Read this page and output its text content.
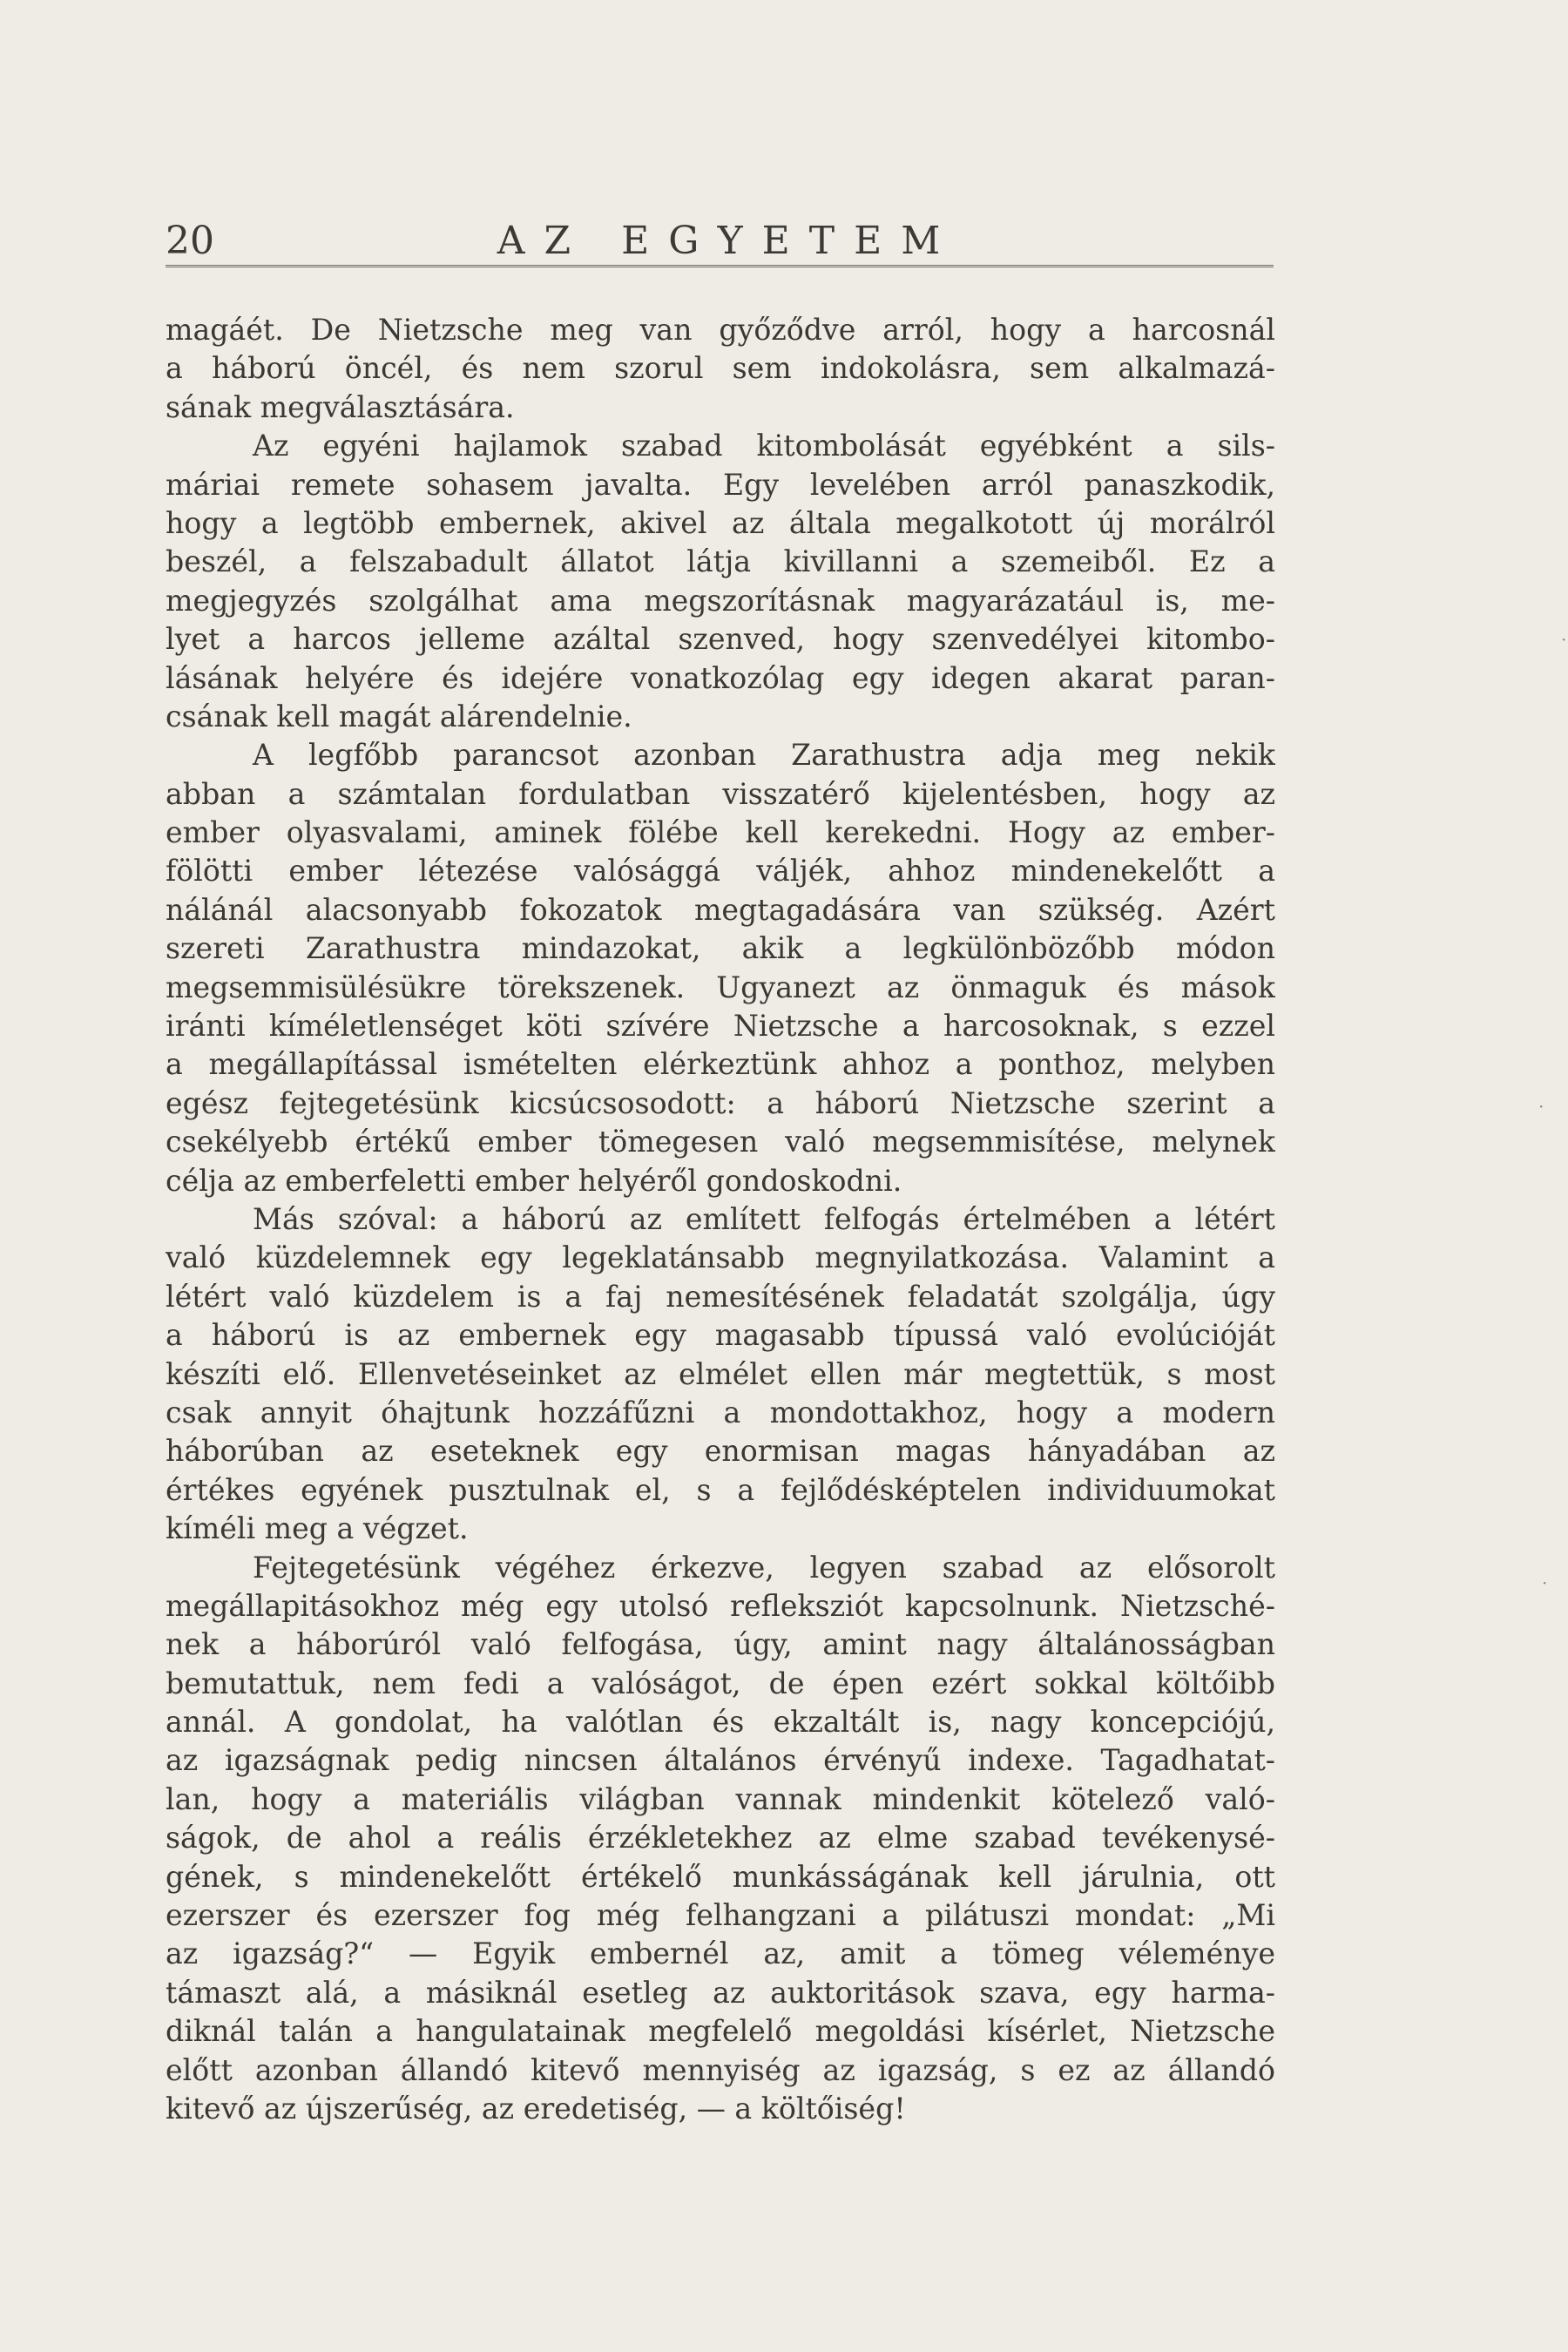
20	AZ EGYETEM
magáét. De Nietzsche meg van győződve arról, hogy a harcosnál
a háború öncél, és nem szorul sem indokolásra, sem alkalmazá-
sának megválasztására.
Az egyéni hajlamok szabad kitombolását egyébként a sils-
máriai remete sohasem javalta. Egy levelében arról panaszkodik,
hogy a legtöbb embernek, akivel az általa megalkotott új morálról
beszél, a felszabadult állatot látja kivillanni a szemeiből. Ez a
megjegyzés szolgálhat ama megszorításnak magyarázatául is, me-
lyet a harcos jelleme azáltal szenved, hogy szenvedélyei kitombo-
lásának helyére és idejére vonatkozólag egy idegen akarat paran-
csának kell magát alárendelnie.
A legfőbb parancsot azonban Zarathustra adja meg nekik
abban a számtalan fordulatban visszatérő kijelentésben, hogy az
ember olyasvalami, aminek fölébe kell kerekedni. Hogy az ember-
fölötti ember létezése valósággá váljék, ahhoz mindenekelőtt a
nálánál alacsonyabb fokozatok megtagadására van szükség. Azért
szereti Zarathustra mindazokat, akik a legkülönbözőbb módon
megsemmisülésükre törekszenek. Ugyanezt az önmaguk és mások
iránti kíméletlenséget köti szívére Nietzsche a harcosoknak, s ezzel
a megállapítással ismételten elérkeztünk ahhoz a ponthoz, melyben
egész fejtegetésünk kicsúcsosodott: a háború Nietzsche szerint a
csekélyebb értékű ember tömegesen való megsemmisítése, melynek
célja az emberfeletti ember helyéről gondoskodni.
Más szóval: a háború az említett felfogás értelmében a létért
való küzdelemnek egy legeklatánsabb megnyilatkozása. Valamint a
létért való küzdelem is a faj nemesítésének feladatát szolgálja, úgy
a háború is az embernek egy magasabb típussá való evolúcióját
készíti elő. Ellenvetéseinket az elmélet ellen már megtettük, s most
csak annyit óhajtunk hozzáfűzni a mondottakhoz, hogy a modern
háborúban az eseteknek egy enormisan magas hányadában az
értékes egyének pusztulnak el, s a fejlődésképtelen individuumokat
kíméli meg a végzet.
Fejtegetésünk végéhez érkezve, legyen szabad az elősorolt
megállapitásokhoz még egy utolsó refleksziót kapcsolnunk. Nietzsché-
nek a háborúról való felfogása, úgy, amint nagy általánosságban
bemutattuk, nem fedi a valóságot, de épen ezért sokkal költőibb
annál. A gondolat, ha valótlan és ekzaltált is, nagy koncepciójú,
az igazságnak pedig nincsen általános érvényű indexe. Tagadhatat-
lan, hogy a materiális világban vannak mindenkit kötelező való-
ságok, de ahol a reális érzékletekhez az elme szabad tevékenysé-
gének, s mindenekelőtt értékelő munkásságának kell járulnia, ott
ezerszer és ezerszer fog még felhangzani a pilátuszi mondat: „Mi
az igazság?“ — Egyik embernél az, amit a tömeg véleménye
támaszt alá, a másiknál esetleg az auktoritások szava, egy harma-
diknál talán a hangulatainak megfelelő megoldási kísérlet, Nietzsche
előtt azonban állandó kitevő mennyiség az igazság, s ez az állandó
kitevő az újszerűség, az eredetiség, — a költőiség!
·
·
·
